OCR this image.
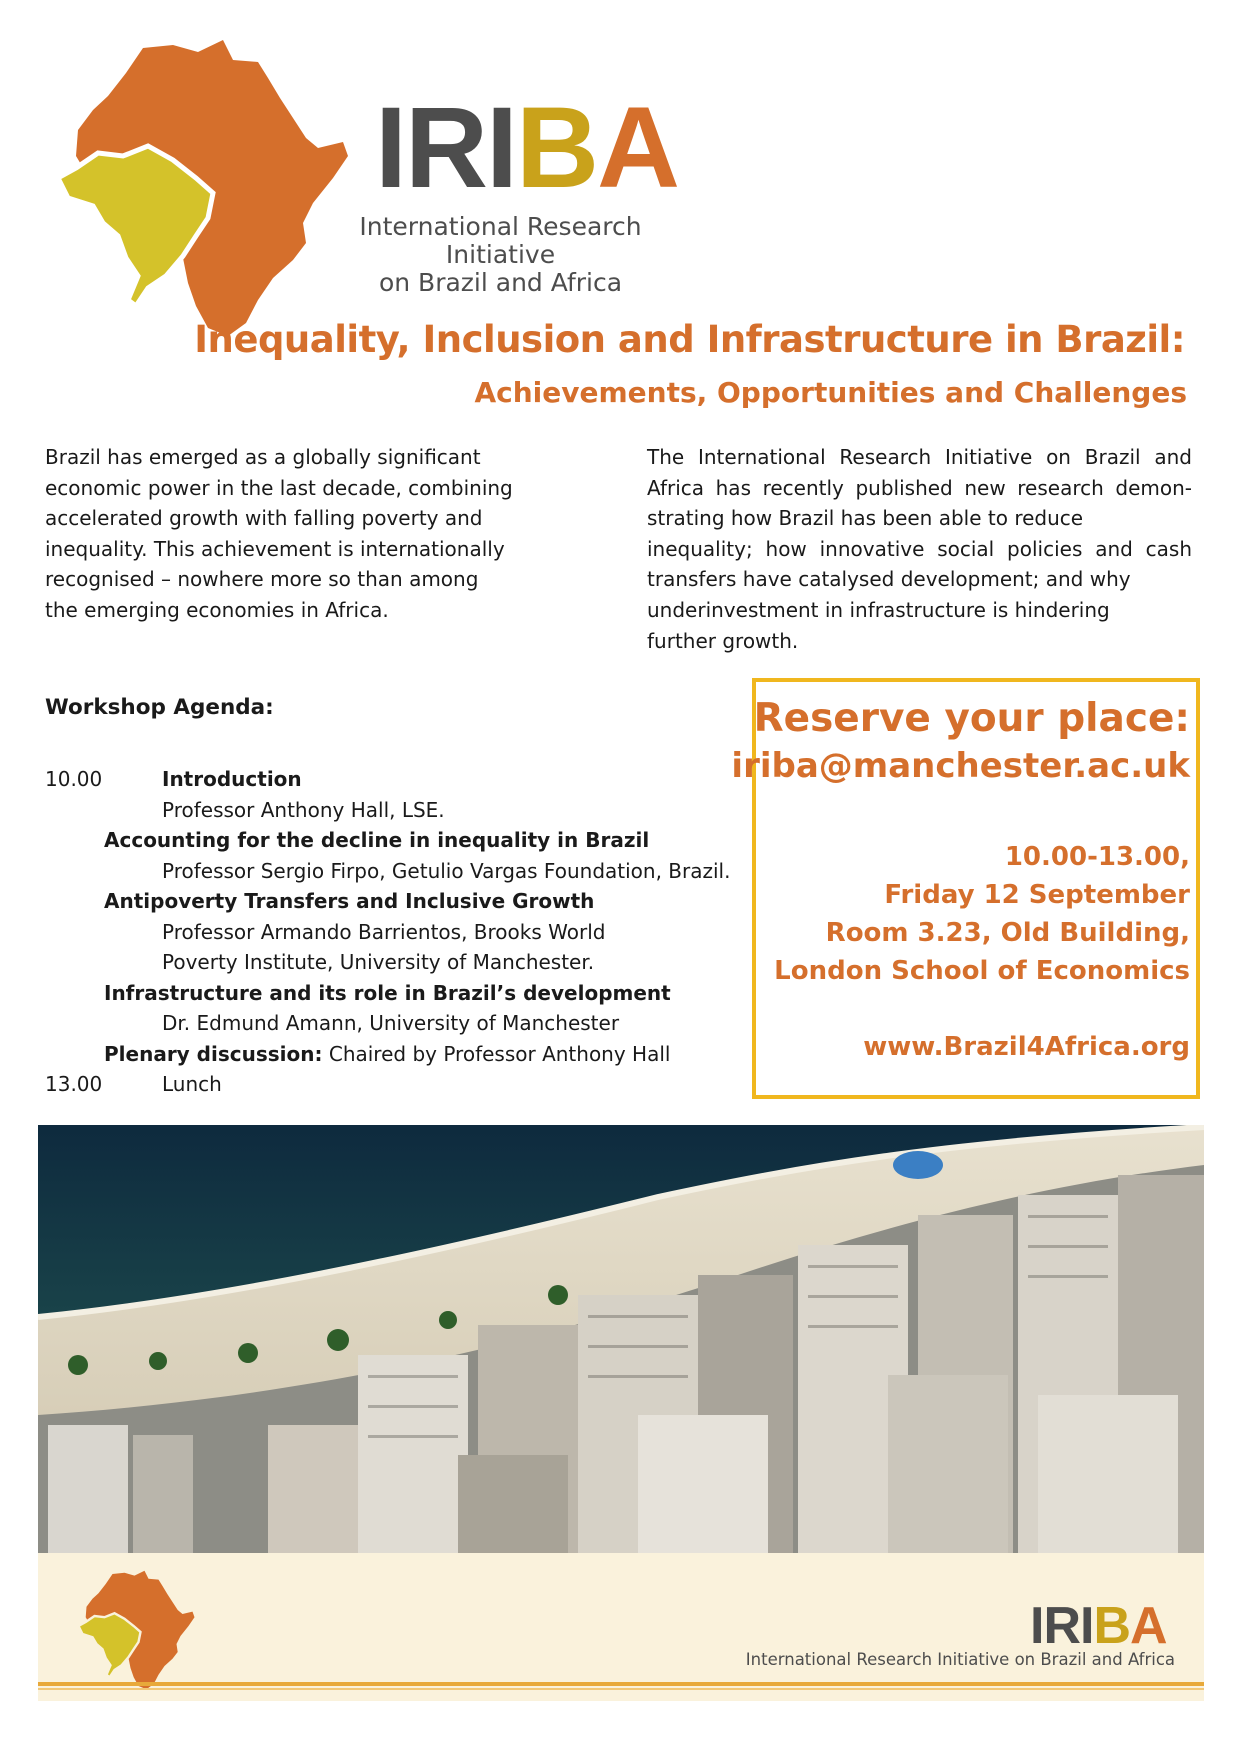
IRIBA
International Research Initiative
on Brazil and Africa
Inequality, Inclusion and Infrastructure in Brazil:
Achievements, Opportunities and Challenges
Brazil has emerged as a globally significant
economic power in the last decade, combining
accelerated growth with falling poverty and
inequality. This achievement is internationally
recognised – nowhere more so than among
the emerging economies in Africa.
The International Research Initiative on Brazil and
Africa has recently published new research demon-
strating how Brazil has been able to reduce
inequality; how innovative social policies and cash
transfers have catalysed development; and why
underinvestment in infrastructure is hindering
further growth.
Workshop Agenda:
10.00	Introduction
Professor Anthony Hall, LSE.
Accounting for the decline in inequality in Brazil
Professor Sergio Firpo, Getulio Vargas Foundation, Brazil.
Antipoverty Transfers and Inclusive Growth
Professor Armando Barrientos, Brooks World
Poverty Institute, University of Manchester.
Infrastructure and its role in Brazil’s development
Dr. Edmund Amann, University of Manchester
Plenary discussion: Chaired by Professor Anthony Hall
13.00	Lunch
Reserve your place:
iriba@manchester.ac.uk
10.00-13.00,
Friday 12 September
Room 3.23, Old Building,
London School of Economics
www.Brazil4Africa.org
IRIBA
International Research Initiative on Brazil and Africa
